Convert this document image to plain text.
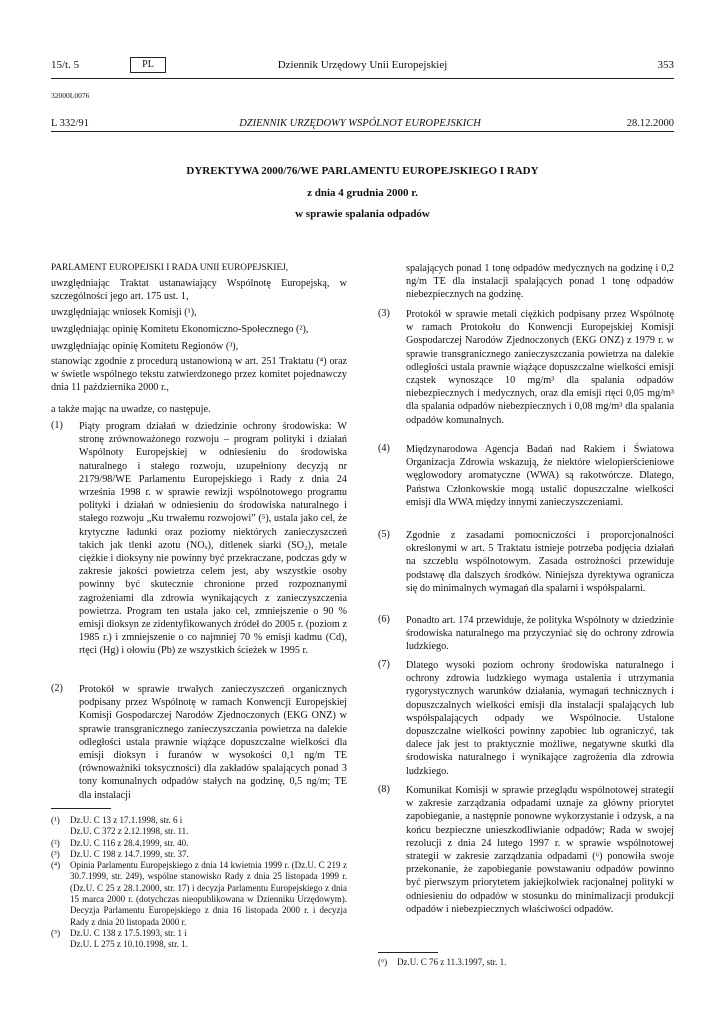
15/t. 5	PL	Dziennik Urzędowy Unii Europejskiej	353
32000L0076
L 332/91	DZIENNIK URZĘDOWY WSPÓLNOT EUROPEJSKICH	28.12.2000
DYREKTYWA 2000/76/WE PARLAMENTU EUROPEJSKIEGO I RADY
z dnia 4 grudnia 2000 r.
w sprawie spalania odpadów
PARLAMENT EUROPEJSKI I RADA UNII EUROPEJSKIEJ,
uwzględniając Traktat ustanawiający Wspólnotę Europejską, w szczególności jego art. 175 ust. 1,
uwzględniając wniosek Komisji (¹),
uwzględniając opinię Komitetu Ekonomiczno-Społecznego (²),
uwzględniając opinię Komitetu Regionów (³),
stanowiąc zgodnie z procedurą ustanowioną w art. 251 Traktatu (⁴) oraz w świetle wspólnego tekstu zatwierdzonego przez komitet pojednawczy dnia 11 października 2000 r.,
a także mając na uwadze, co następuje.
(1) Piąty program działań w dziedzinie ochrony środowiska: W stronę zrównoważonego rozwoju – program polityki i działań Wspólnoty Europejskiej w odniesieniu do środowiska naturalnego i stałego rozwoju, uzupełniony decyzją nr 2179/98/WE Parlamentu Europejskiego i Rady z dnia 24 września 1998 r. w sprawie rewizji wspólnotowego programu polityki i działań w odniesieniu do środowiska naturalnego i stałego rozwoju „Ku trwałemu rozwojowi” (⁵), ustala jako cel, że krytyczne ładunki oraz poziomy niektórych zanieczyszczeń takich jak tlenki azotu (NOₓ), ditlenek siarki (SO₂), metale ciężkie i dioksyny nie powinny być przekraczane, podczas gdy w zakresie jakości powietrza celem jest, aby wszystkie osoby powinny być skutecznie chronione przed rozpoznanymi zagrożeniami dla zdrowia wynikających z zanieczyszczenia powietrza. Program ten ustala jako cel, zmniejszenie o 90 % emisji dioksyn ze zidentyfikowanych źródeł do 2005 r. (poziom z 1985 r.) i zmniejszenie o co najmniej 70 % emisji kadmu (Cd), rtęci (Hg) i ołowiu (Pb) ze wszystkich ścieżek w 1995 r.
(2) Protokół w sprawie trwałych zanieczyszczeń organicznych podpisany przez Wspólnotę w ramach Konwencji Europejskiej Komisji Gospodarczej Narodów Zjednoczonych (EKG ONZ) w sprawie transgranicznego zanieczyszczania powietrza na dalekie odległości ustala prawnie wiążące dopuszczalne wielkości dla emisji dioksyn i furanów w wysokości 0,1 ng/m TE (równoważniki toksyczności) dla zakładów spalających ponad 3 tony komunalnych odpadów stałych na godzinę, 0,5 ng/m; TE dla instalacji
(¹)	Dz.U. C 13 z 17.1.1998, str. 6 i
Dz.U. C 372 z 2.12.1998, str. 11.
(²)	Dz.U. C 116 z 28.4.1999, str. 40.
(³)	Dz.U. C 198 z 14.7.1999, str. 37.
(⁴)	Opinia Parlamentu Europejskiego z dnia 14 kwietnia 1999 r. (Dz.U. C 219 z 30.7.1999, str. 249), wspólne stanowisko Rady z dnia 25 listopada 1999 r. (Dz.U. C 25 z 28.1.2000, str. 17) i decyzja Parlamentu Europejskiego z dnia 15 marca 2000 r. (dotychczas nieopublikowana w Dzienniku Urzędowym). Decyzja Parlamentu Europejskiego z dnia 16 listopada 2000 r. i decyzja Rady z dnia 20 listopada 2000 r.
(⁵)	Dz.U. C 138 z 17.5.1993, str. 1 i
Dz.U. L 275 z 10.10.1998, str. 1.
spalających ponad 1 tonę odpadów medycznych na godzinę i 0,2 ng/m TE dla instalacji spalających ponad 1 tonę odpadów niebezpiecznych na godzinę.
(3) Protokół w sprawie metali ciężkich podpisany przez Wspólnotę w ramach Protokołu do Konwencji Europejskiej Komisji Gospodarczej Narodów Zjednoczonych (EKG ONZ) z 1979 r. w sprawie transgranicznego zanieczyszczania powietrza na dalekie odległości ustala prawnie wiążące dopuszczalne wielkości emisji cząstek wynoszące 10 mg/m³ dla spalania odpadów niebezpiecznych i medycznych, oraz dla emisji rtęci 0,05 mg/m³ dla spalania odpadów niebezpiecznych i 0,08 mg/m³ dla spalania odpadów komunalnych.
(4) Międzynarodowa Agencja Badań nad Rakiem i Światowa Organizacja Zdrowia wskazują, że niektóre wielopierścieniowe węglowodory aromatyczne (WWA) są rakotwórcze. Dlatego, Państwa Członkowskie mogą ustalić dopuszczalne wielkości emisji dla WWA między innymi zanieczyszczeniami.
(5) Zgodnie z zasadami pomocniczości i proporcjonalności określonymi w art. 5 Traktatu istnieje potrzeba podjęcia działań na szczeblu wspólnotowym. Zasada ostrożności przewiduje podstawę dla dalszych środków. Niniejsza dyrektywa ogranicza się do minimalnych wymagań dla spalarni i współspalarni.
(6) Ponadto art. 174 przewiduje, że polityka Wspólnoty w dziedzinie środowiska naturalnego ma przyczyniać się do ochrony zdrowia ludzkiego.
(7) Dlatego wysoki poziom ochrony środowiska naturalnego i ochrony zdrowia ludzkiego wymaga ustalenia i utrzymania rygorystycznych warunków działania, wymagań technicznych i dopuszczalnych wielkości emisji dla instalacji spalających lub współspalających odpady we Wspólnocie. Ustalone dopuszczalne wielkości powinny zapobiec lub ograniczyć, tak dalece jak jest to praktycznie możliwe, negatywne skutki dla środowiska naturalnego i wynikające zagrożenia dla zdrowia ludzkiego.
(8) Komunikat Komisji w sprawie przeglądu wspólnotowej strategii w zakresie zarządzania odpadami uznaje za główny priorytet zapobieganie, a następnie ponowne wykorzystanie i odzysk, a na końcu bezpieczne unieszkodliwianie odpadów; Rada w swojej rezolucji z dnia 24 lutego 1997 r. w sprawie wspólnotowej strategii w zakresie zarządzania odpadami (⁶) ponowiła swoje przekonanie, że zapobieganie powstawaniu odpadów powinno być pierwszym priorytetem jakiejkolwiek racjonalnej polityki w odniesieniu do odpadów w stosunku do minimalizacji produkcji odpadów i niebezpiecznych właściwości odpadów.
(⁶)	Dz.U. C 76 z 11.3.1997, str. 1.
